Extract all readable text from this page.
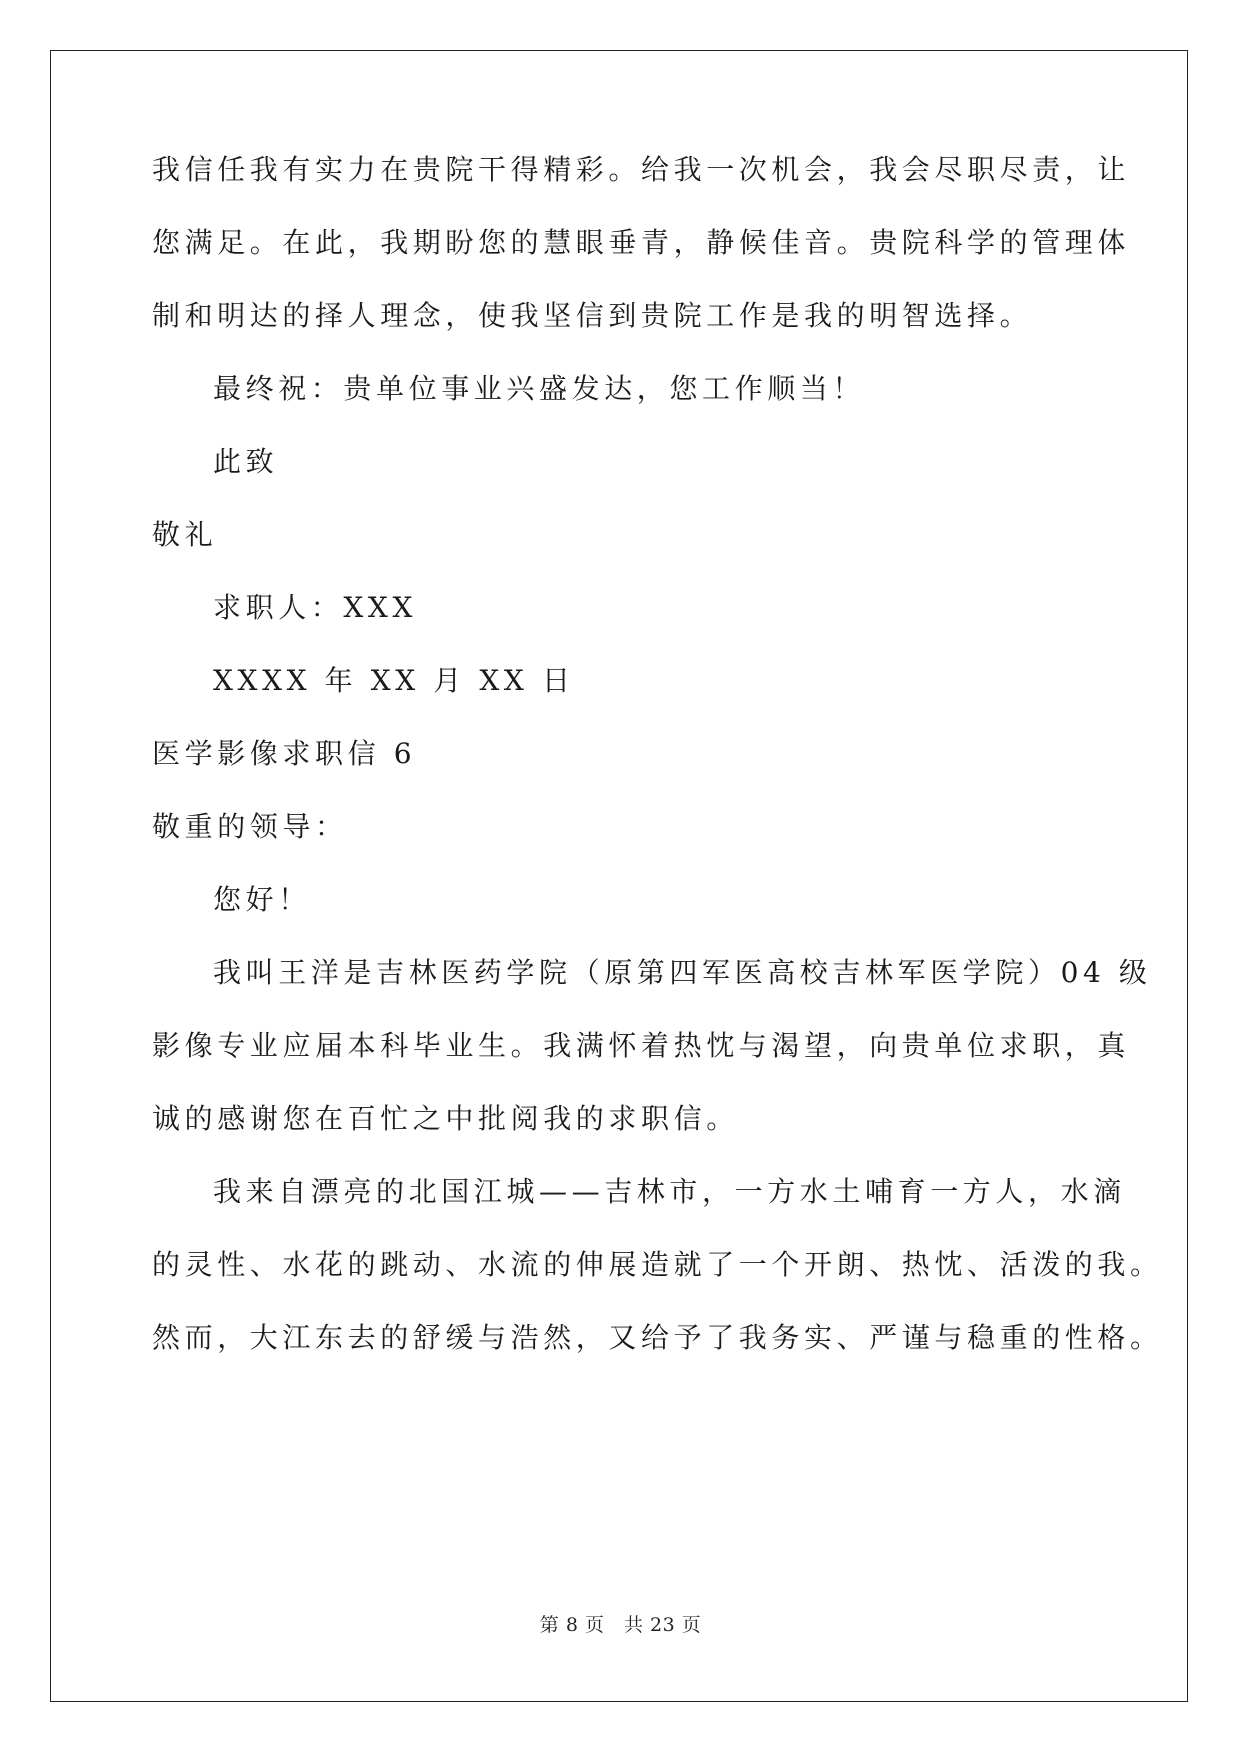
我信任我有实力在贵院干得精彩。给我一次机会，我会尽职尽责，让
您满足。在此，我期盼您的慧眼垂青，静候佳音。贵院科学的管理体
制和明达的择人理念，使我坚信到贵院工作是我的明智选择。
最终祝：贵单位事业兴盛发达，您工作顺当！
此致
敬礼
求职人：XXX
XXXX 年 XX 月 XX 日
医学影像求职信 6
敬重的领导：
您好！
我叫王洋是吉林医药学院（原第四军医高校吉林军医学院）04 级
影像专业应届本科毕业生。我满怀着热忱与渴望，向贵单位求职，真
诚的感谢您在百忙之中批阅我的求职信。
我来自漂亮的北国江城——吉林市，一方水土哺育一方人，水滴
的灵性、水花的跳动、水流的伸展造就了一个开朗、热忱、活泼的我。
然而，大江东去的舒缓与浩然，又给予了我务实、严谨与稳重的性格。
第 8 页　共 23 页
